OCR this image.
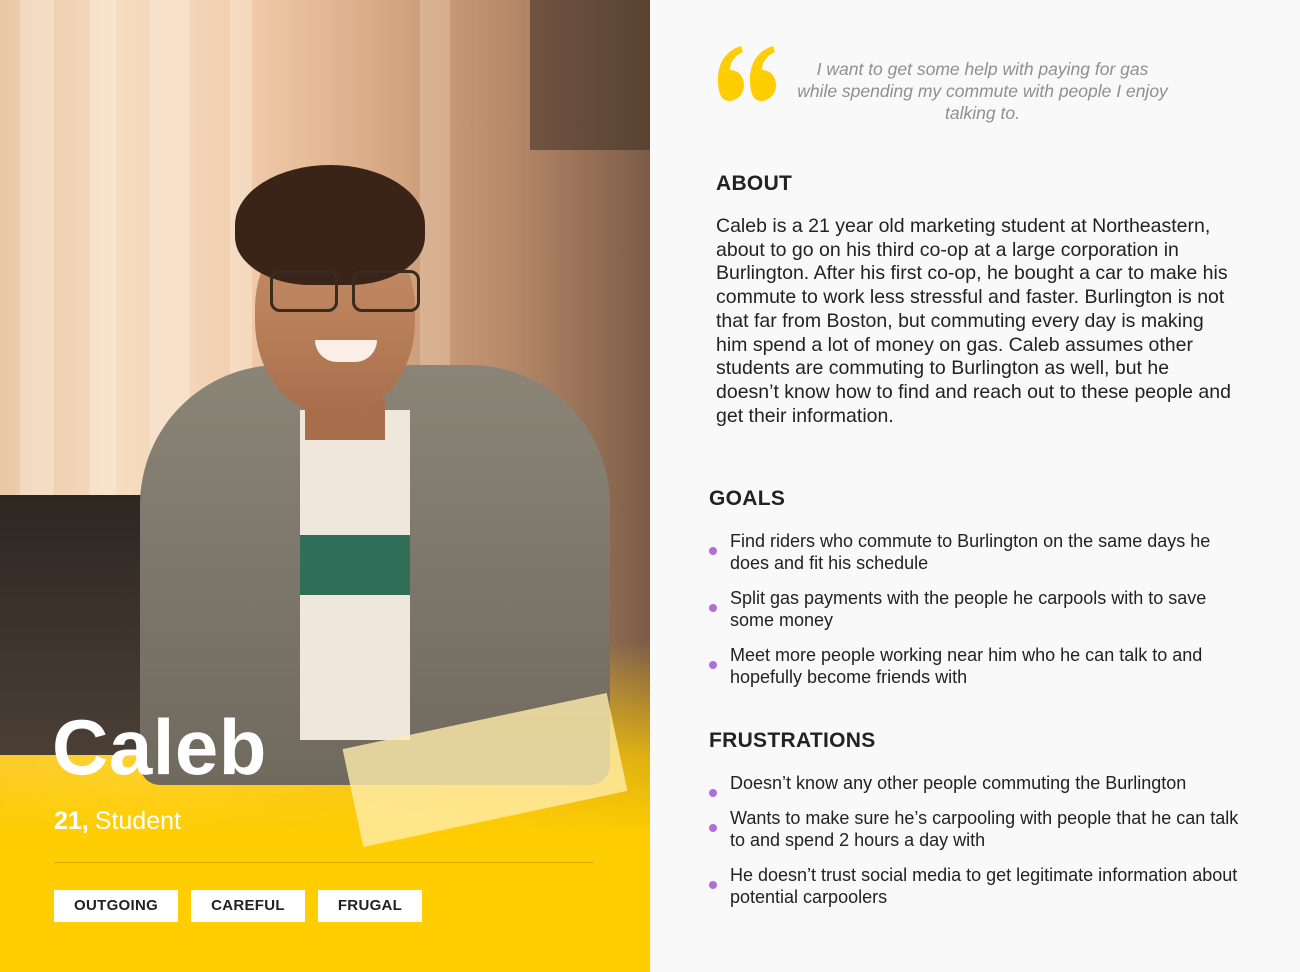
Caleb
21, Student
OUTGOING	CAREFUL	FRUGAL

I want to get some help with paying for gas while spending my commute with people I enjoy talking to.

ABOUT

Caleb is a 21 year old marketing student at Northeastern, about to go on his third co-op at a large corporation in Burlington. After his first co-op, he bought a car to make his commute to work less stressful and faster. Burlington is not that far from Boston, but commuting every day is making him spend a lot of money on gas. Caleb assumes other students are commuting to Burlington as well, but he doesn’t know how to find and reach out to these people and get their information.

GOALS
Find riders who commute to Burlington on the same days he does and fit his schedule
Split gas payments with the people he carpools with to save some money
Meet more people working near him who he can talk to and hopefully become friends with
FRUSTRATIONS
Doesn’t know any other people commuting the Burlington
Wants to make sure he’s carpooling with people that he can talk to and spend 2 hours a day with
He doesn’t trust social media to get legitimate information about potential carpoolers
